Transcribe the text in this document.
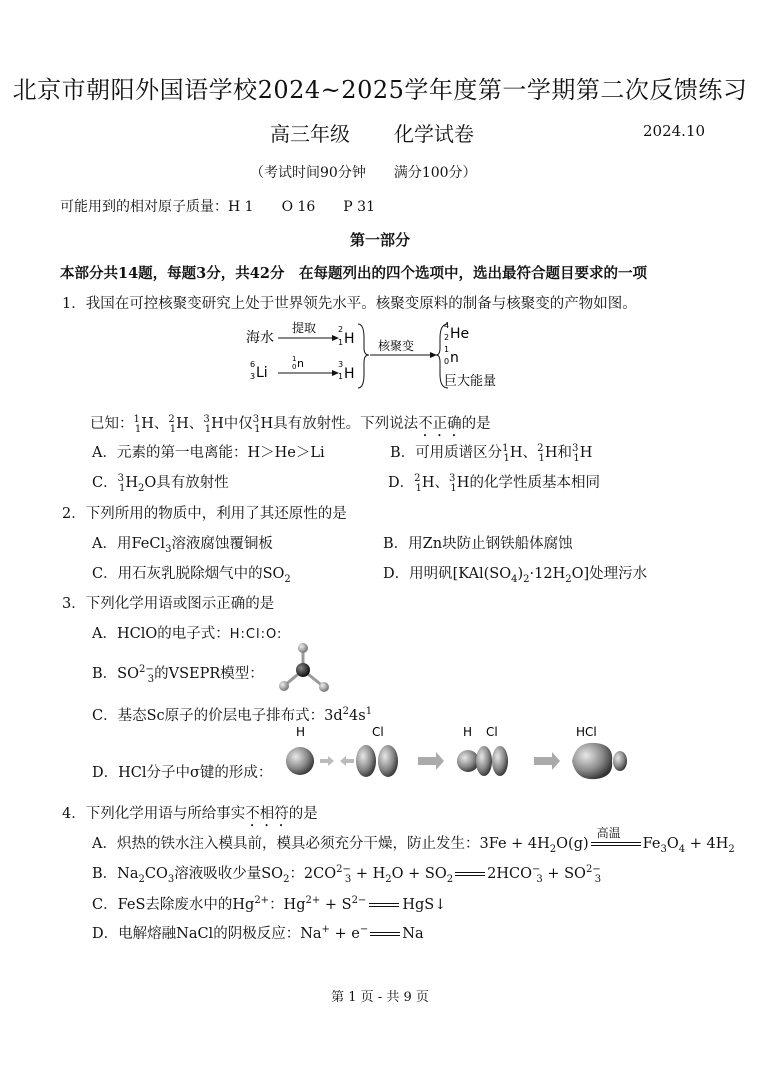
北京市朝阳外国语学校2024~2025学年度第一学期第二次反馈练习
高三年级 化学试卷	2024.10
（考试时间90分钟　　满分100分）
可能用到的相对原子质量：H 1　　O 16　　P 31
第一部分
本部分共14题，每题3分，共42分　在每题列出的四个选项中，选出最符合题目要求的一项
1．我国在可控核聚变研究上处于世界领先水平。核聚变原料的制备与核聚变的产物如图。
海水
提取	2
1 H
6
3 Li
1
0 n	3
1 H
核聚变
4
2 He
1
0 n
巨大能量
已知：$^1_1$H、$^2_1$H、$^3_1$H中仅$^3_1$H具有放射性。下列说法不正确的是
A．元素的第一电离能：H＞He＞Li	B．可用质谱区分$^1_1$H、$^2_1$H和$^3_1$H
C．$^3_1H_2O$具有放射性	D．$^2_1$H、$^3_1$H的化学性质基本相同
2．下列所用的物质中，利用了其还原性的是
A．用FeCl$_3$溶液腐蚀覆铜板	B．用Zn块防止钢铁船体腐蚀
C．用石灰乳脱除烟气中的$SO_2$	D．用明矾$[KAl(SO_4)_2\cdot 12H_2O]$处理污水
3．下列化学用语或图示正确的是
A．HClO的电子式：H:Cl:O:
B．$SO^{2-}_3$的VSEPR模型：
C．基态Sc原子的价层电子排布式：$3d^24s^1$
D．HCl分子中σ键的形成：
H	Cl	H Cl	HCl
4．下列化学用语与所给事实不相符的是
A．炽热的铁水注入模具前，模具必须充分干燥，防止发生：$3Fe + 4H_2O(g)$
高温
$Fe_3O_4 + 4H_2$
B．$Na_2CO_3$溶液吸收少量$SO_2$：$2CO^{2-}_3 + H_2O + SO_2$ $2HCO^-_3 + SO^{2-}_3$
C．FeS去除废水中的$Hg^{2+}$：$Hg^{2+} + S^{2-}$ HgS↓
D．电解熔融NaCl的阴极反应：Na+ + e− Na
第 1 页 - 共 9 页
